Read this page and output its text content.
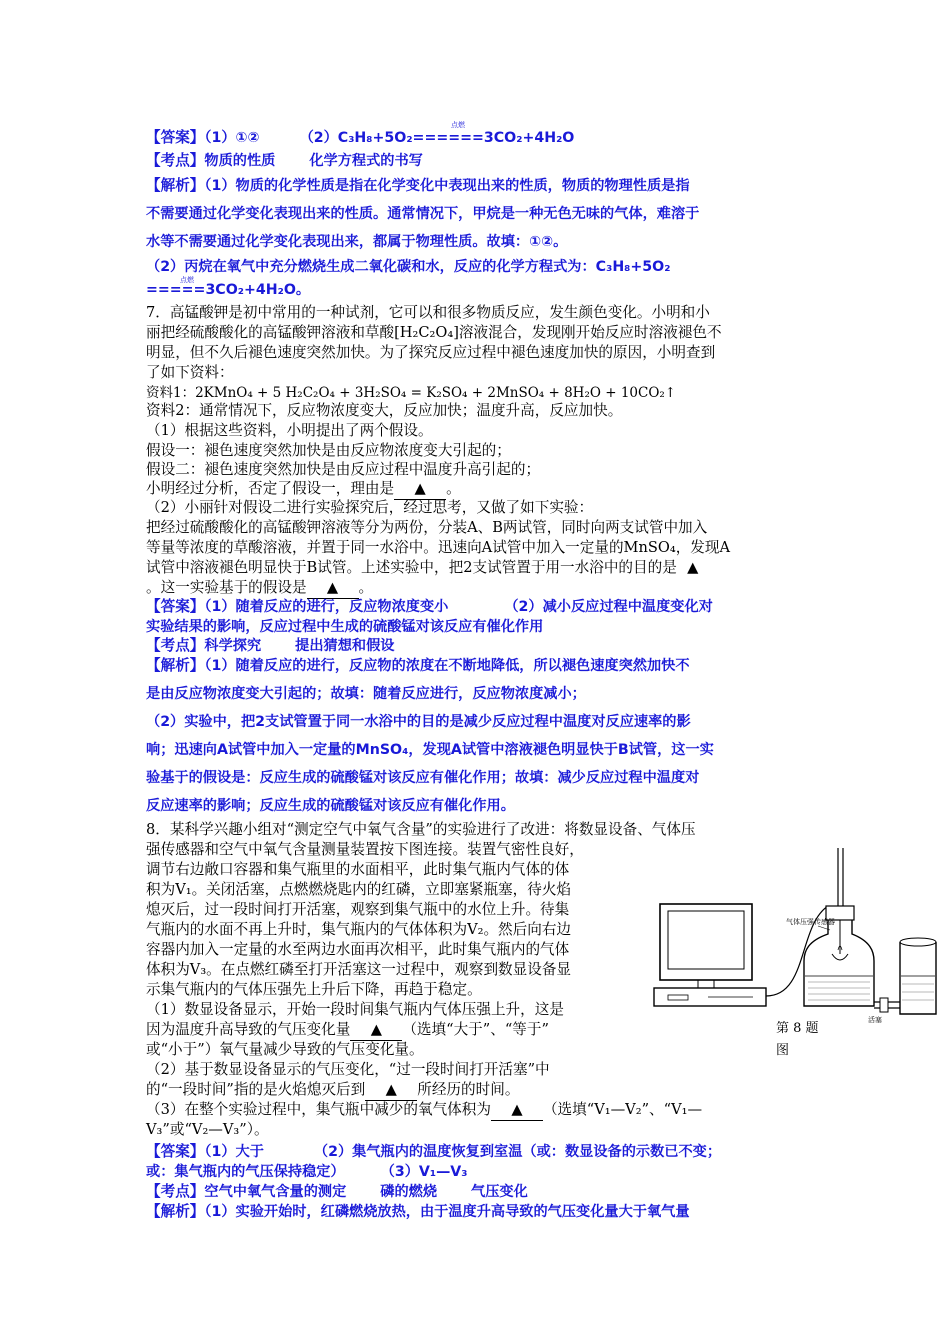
点燃
【答案】（1）①②	（2）C₃H₈+5O₂======3CO₂+4H₂O
【考点】物质的性质 化学方程式的书写
【解析】（1）物质的化学性质是指在化学变化中表现出来的性质，物质的物理性质是指
不需要通过化学变化表现出来的性质。通常情况下，甲烷是一种无色无味的气体，难溶于
水等不需要通过化学变化表现出来，都属于物理性质。故填：①②。
（2）丙烷在氧气中充分燃烧生成二氧化碳和水，反应的化学方程式为：C₃H₈+5O₂
点燃
=====3CO₂+4H₂O。
7．高锰酸钾是初中常用的一种试剂，它可以和很多物质反应，发生颜色变化。小明和小
丽把经硫酸酸化的高锰酸钾溶液和草酸[H₂C₂O₄]溶液混合，发现刚开始反应时溶液褪色不
明显，但不久后褪色速度突然加快。为了探究反应过程中褪色速度加快的原因，小明查到
了如下资料：
资料1：2KMnO₄ + 5 H₂C₂O₄ + 3H₂SO₄ = K₂SO₄ + 2MnSO₄ + 8H₂O + 10CO₂↑
资料2：通常情况下，反应物浓度变大，反应加快；温度升高，反应加快。
（1）根据这些资料，小明提出了两个假设。
假设一：褪色速度突然加快是由反应物浓度变大引起的；
假设二：褪色速度突然加快是由反应过程中温度升高引起的；
小明经过分析，否定了假设一，理由是 ▲ 。
（2）小丽针对假设二进行实验探究后，经过思考，又做了如下实验：
把经过硫酸酸化的高锰酸钾溶液等分为两份，分装A、B两试管，同时向两支试管中加入
等量等浓度的草酸溶液，并置于同一水浴中。迅速向A试管中加入一定量的MnSO₄，发现A
试管中溶液褪色明显快于B试管。上述实验中，把2支试管置于用一水浴中的目的是 ▲
。这一实验基于的假设是 ▲ 。
【答案】（1）随着反应的进行，反应物浓度变小	（2）减小反应过程中温度变化对
实验结果的影响，反应过程中生成的硫酸锰对该反应有催化作用
【考点】科学探究 提出猜想和假设
【解析】（1）随着反应的进行，反应物的浓度在不断地降低，所以褪色速度突然加快不
是由反应物浓度变大引起的；故填：随着反应进行，反应物浓度减小；
（2）实验中，把2支试管置于同一水浴中的目的是减少反应过程中温度对反应速率的影
响；迅速向A试管中加入一定量的MnSO₄，发现A试管中溶液褪色明显快于B试管，这一实
验基于的假设是：反应生成的硫酸锰对该反应有催化作用；故填：减少反应过程中温度对
反应速率的影响；反应生成的硫酸锰对该反应有催化作用。
8．某科学兴趣小组对“测定空气中氧气含量”的实验进行了改进：将数显设备、气体压
强传感器和空气中氧气含量测量装置按下图连接。装置气密性良好，
调节右边敞口容器和集气瓶里的水面相平，此时集气瓶内气体的体
积为V₁。关闭活塞，点燃燃烧匙内的红磷，立即塞紧瓶塞，待火焰
熄灭后，过一段时间打开活塞，观察到集气瓶中的水位上升。待集
气瓶内的水面不再上升时，集气瓶内的气体体积为V₂。然后向右边
容器内加入一定量的水至两边水面再次相平，此时集气瓶内的气体
体积为V₃。在点燃红磷至打开活塞这一过程中，观察到数显设备显
示集气瓶内的气体压强先上升后下降，再趋于稳定。
（1）数显设备显示，开始一段时间集气瓶内气体压强上升，这是
因为温度升高导致的气压变化量 ▲ （选填“大于”、“等于”
或“小于”）氧气量减少导致的气压变化量。
（2）基于数显设备显示的气压变化，“过一段时间打开活塞”中
的“一段时间”指的是火焰熄灭后到 ▲ 所经历的时间。
（3）在整个实验过程中，集气瓶中减少的氧气体积为 ▲ （选填“V₁—V₂”、“V₁—
V₃”或“V₂—V₃”）。
【答案】（1）大于	（2）集气瓶内的温度恢复到室温（或：数显设备的示数已不变；
或：集气瓶内的气压保持稳定）	（3）V₁—V₃
【考点】空气中氧气含量的测定 磷的燃烧 气压变化
【解析】（1）实验开始时，红磷燃烧放热，由于温度升高导致的气压变化量大于氧气量
气体压强传感器
活塞
第 8 题
图
